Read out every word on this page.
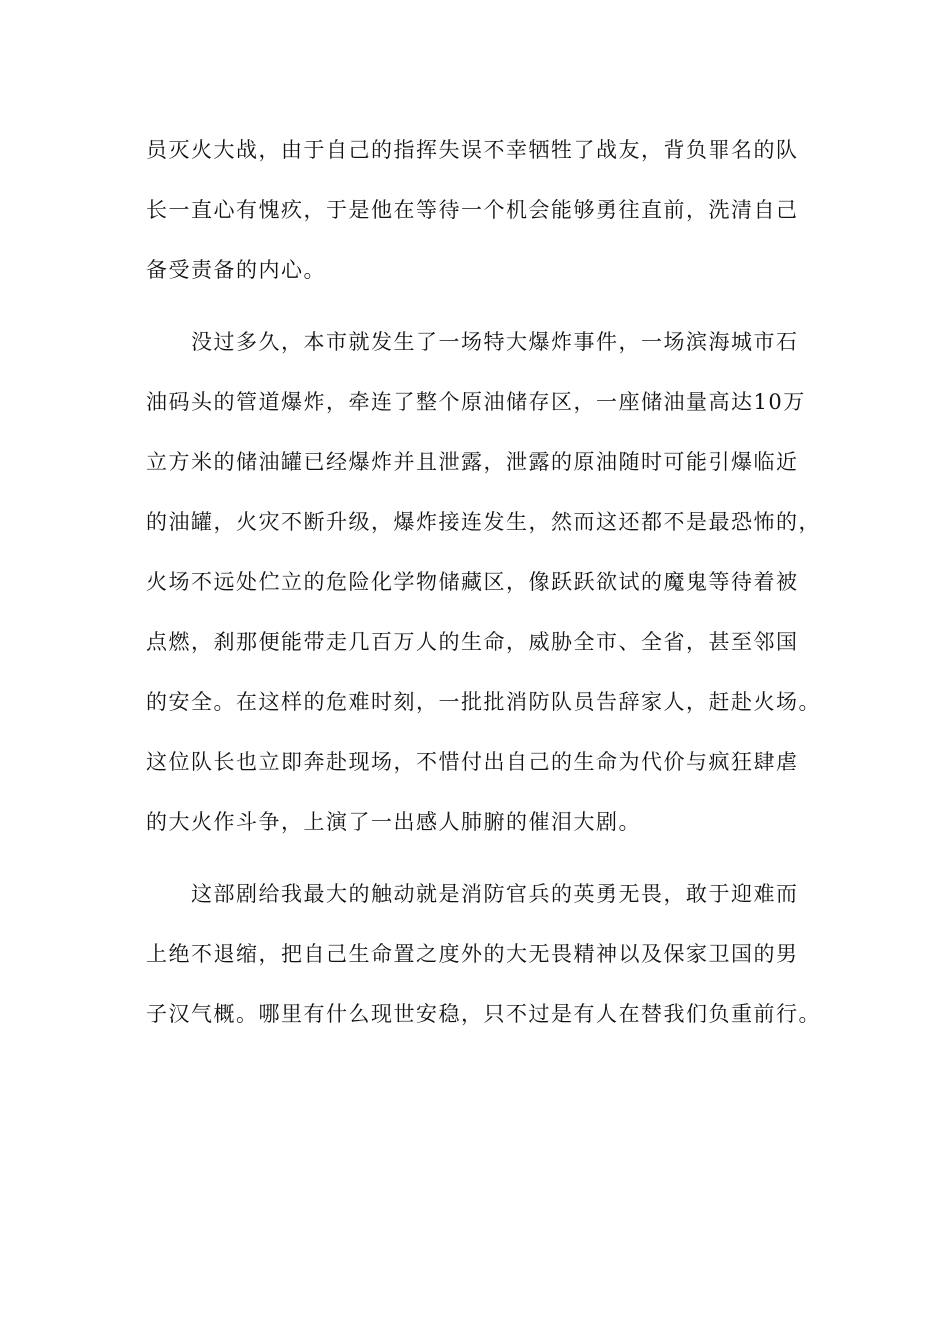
员灭火大战，由于自己的指挥失误不幸牺牲了战友，背负罪名的队
长一直心有愧疚，于是他在等待一个机会能够勇往直前，洗清自己
备受责备的内心。
没过多久，本市就发生了一场特大爆炸事件，一场滨海城市石
油码头的管道爆炸，牵连了整个原油储存区，一座储油量高达10万
立方米的储油罐已经爆炸并且泄露，泄露的原油随时可能引爆临近
的油罐，火灾不断升级，爆炸接连发生，然而这还都不是最恐怖的，
火场不远处伫立的危险化学物储藏区，像跃跃欲试的魔鬼等待着被
点燃，刹那便能带走几百万人的生命，威胁全市、全省，甚至邻国
的安全。在这样的危难时刻，一批批消防队员告辞家人，赶赴火场。
这位队长也立即奔赴现场，不惜付出自己的生命为代价与疯狂肆虐
的大火作斗争，上演了一出感人肺腑的催泪大剧。
这部剧给我最大的触动就是消防官兵的英勇无畏，敢于迎难而
上绝不退缩，把自己生命置之度外的大无畏精神以及保家卫国的男
子汉气概。哪里有什么现世安稳，只不过是有人在替我们负重前行。
